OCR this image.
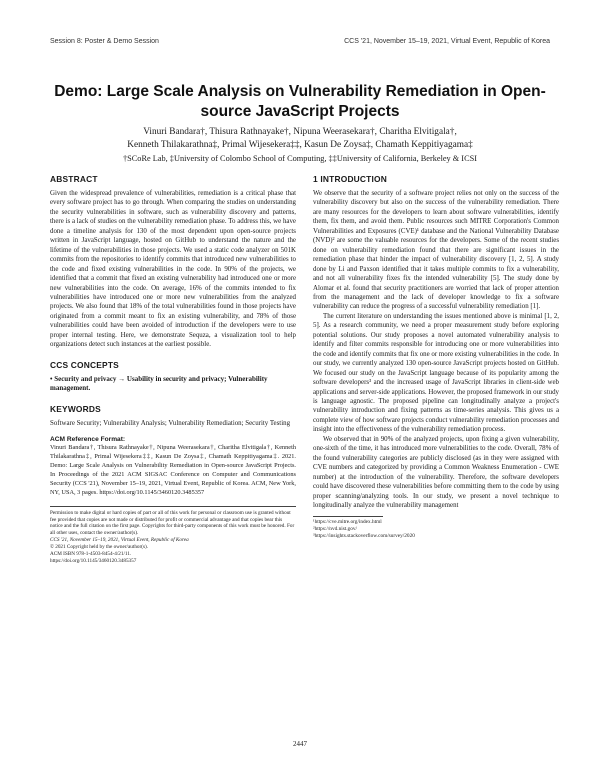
Session 8: Poster & Demo Session	CCS '21, November 15–19, 2021, Virtual Event, Republic of Korea
Demo: Large Scale Analysis on Vulnerability Remediation in Open-source JavaScript Projects
Vinuri Bandara†, Thisura Rathnayake†, Nipuna Weerasekara†, Charitha Elvitigala†,
Kenneth Thilakarathna‡, Primal Wijesekera‡‡, Kasun De Zoysa‡, Chamath Keppitiyagama‡
†SCoRe Lab, ‡University of Colombo School of Computing, ‡‡University of California, Berkeley & ICSI
ABSTRACT

Given the widespread prevalence of vulnerabilities, remediation is a critical phase that every software project has to go through. When comparing the studies on understanding the security vulnerabilities in software, such as vulnerability discovery and patterns, there is a lack of studies on the vulnerability remediation phase. To address this, we have done a timeline analysis for 130 of the most dependent upon open-source projects written in JavaScript language, hosted on GitHub to understand the nature and the lifetime of the vulnerabilities in those projects. We used a static code analyzer on 501K commits from the repositories to identify commits that introduced new vulnerabilities to the code and fixed existing vulnerabilities in the code. In 90% of the projects, we identified that a commit that fixed an existing vulnerability had introduced one or more new vulnerabilities into the code. On average, 16% of the commits intended to fix vulnerabilities have introduced one or more new vulnerabilities from the analyzed projects. We also found that 18% of the total vulnerabilities found in those projects have originated from a commit meant to fix an existing vulnerability, and 78% of those vulnerabilities could have been avoided of introduction if the developers were to use proper internal testing. Here, we demonstrate Sequza, a visualization tool to help organizations detect such instances at the earliest possible.

CCS CONCEPTS

• Security and privacy → Usability in security and privacy; Vulnerability management.

KEYWORDS

Software Security; Vulnerability Analysis; Vulnerability Remediation; Security Testing

ACM Reference Format:

Vinuri Bandara†, Thisura Rathnayake†, Nipuna Weerasekara†, Charitha Elvitigala†, Kenneth Thilakarathna‡, Primal Wijesekera‡‡, Kasun De Zoysa‡, Chamath Keppitiyagama‡. 2021. Demo: Large Scale Analysis on Vulnerability Remediation in Open-source JavaScript Projects. In Proceedings of the 2021 ACM SIGSAC Conference on Computer and Communications Security (CCS '21), November 15–19, 2021, Virtual Event, Republic of Korea. ACM, New York, NY, USA, 3 pages. https://doi.org/10.1145/3460120.3485357

Permission to make digital or hard copies of part or all of this work for personal or classroom use is granted without fee provided that copies are not made or distributed for profit or commercial advantage and that copies bear this notice and the full citation on the first page. Copyrights for third-party components of this work must be honored. For all other uses, contact the owner/author(s).

CCS '21, November 15–19, 2021, Virtual Event, Republic of Korea

© 2021 Copyright held by the owner/author(s).

ACM ISBN 978-1-4503-8454-4/21/11.

https://doi.org/10.1145/3460120.3485357

1 INTRODUCTION

We observe that the security of a software project relies not only on the success of the vulnerability discovery but also on the success of the vulnerability remediation. There are many resources for the developers to learn about software vulnerabilities, identify them, fix them, and avoid them. Public resources such MITRE Corporation's Common Vulnerabilities and Exposures (CVE)¹ database and the National Vulnerability Database (NVD)² are some the valuable resources for the developers. Some of the recent studies done on vulnerability remediation found that there are significant issues in the remediation phase that hinder the impact of vulnerability discovery [1, 2, 5]. A study done by Li and Paxson identified that it takes multiple commits to fix a vulnerability, and not all vulnerability fixes fix the intended vulnerability [5]. The study done by Alomar et al. found that security practitioners are worried that lack of proper attention from the management and the lack of developer knowledge to fix a software vulnerability can reduce the progress of a successful vulnerability remediation [1].

The current literature on understanding the issues mentioned above is minimal [1, 2, 5]. As a research community, we need a proper measurement study before exploring potential solutions. Our study proposes a novel automated vulnerability analysis to identify and filter commits responsible for introducing one or more vulnerabilities into the code and identify commits that fix one or more existing vulnerabilities in the code. In our study, we currently analyzed 130 open-source JavaScript projects hosted on GitHub. We focused our study on the JavaScript language because of its popularity among the software developers³ and the increased usage of JavaScript libraries in client-side web applications and server-side applications. However, the proposed framework in our study is language agnostic. The proposed pipeline can longitudinally analyze a project's vulnerability introduction and fixing patterns as time-series analysis. This gives us a complete view of how software projects conduct vulnerability remediation processes and insight into the effectiveness of the vulnerability remediation process.

We observed that in 90% of the analyzed projects, upon fixing a given vulnerability, one-sixth of the time, it has introduced more vulnerabilities to the code. Overall, 78% of the found vulnerability categories are publicly disclosed (as in they were assigned with CVE numbers and categorized by providing a Common Weakness Enumeration - CWE number) at the introduction of the vulnerability. Therefore, the software developers could have discovered these vulnerabilities before committing them to the code by using proper scanning/analyzing tools. In our study, we present a novel technique to longitudinally analyze the vulnerability management

¹https://cve.mitre.org/index.html

²https://nvd.nist.gov/

³https://insights.stackoverflow.com/survey/2020

2447
